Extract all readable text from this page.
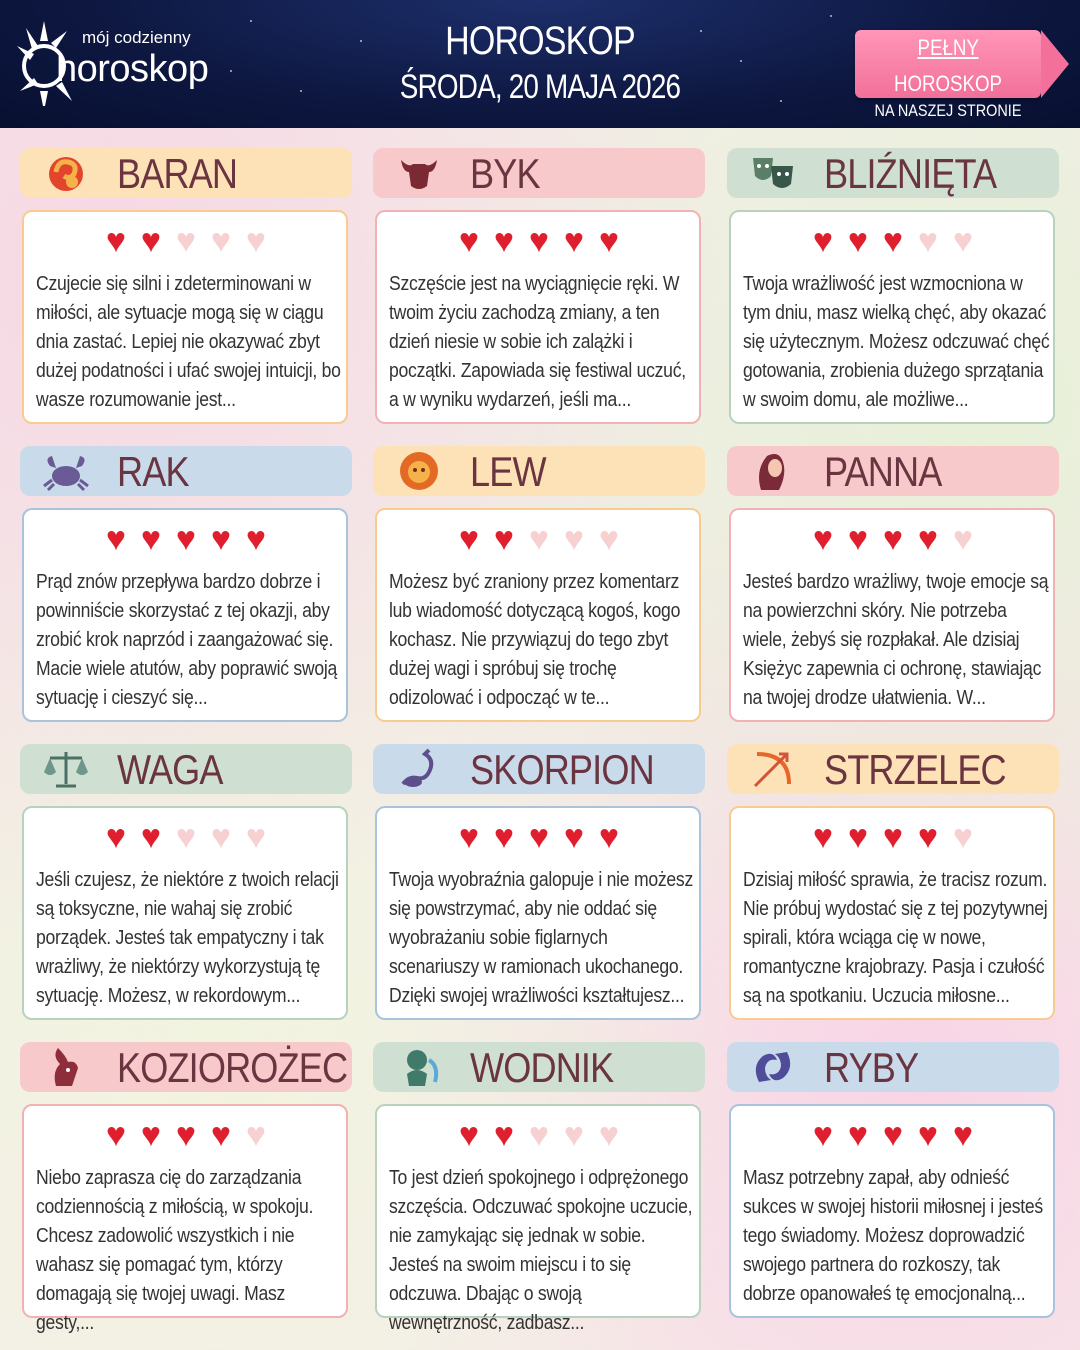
mój codzienny
horoskop
HOROSKOP
ŚRODA, 20 MAJA 2026
PEŁNY HOROSKOP
NA NASZEJ STRONIE
BARAN
♥ ♥ ♥ ♥ ♥
Czujecie się silni i zdeterminowani w miłości, ale sytuacje mogą się w ciągu dnia zastać. Lepiej nie okazywać zbyt dużej podatności i ufać swojej intuicji, bo wasze rozumowanie jest...
BYK
♥ ♥ ♥ ♥ ♥
Szczęście jest na wyciągnięcie ręki. W twoim życiu zachodzą zmiany, a ten dzień niesie w sobie ich zalążki i początki. Zapowiada się festiwal uczuć, a w wyniku wydarzeń, jeśli ma...
BLIŹNIĘTA
♥ ♥ ♥ ♥ ♥
Twoja wrażliwość jest wzmocniona w tym dniu, masz wielką chęć, aby okazać się użytecznym. Możesz odczuwać chęć gotowania, zrobienia dużego sprzątania w swoim domu, ale możliwe...
RAK
♥ ♥ ♥ ♥ ♥
Prąd znów przepływa bardzo dobrze i powinniście skorzystać z tej okazji, aby zrobić krok naprzód i zaangażować się. Macie wiele atutów, aby poprawić swoją sytuację i cieszyć się...
LEW
♥ ♥ ♥ ♥ ♥
Możesz być zraniony przez komentarz lub wiadomość dotyczącą kogoś, kogo kochasz. Nie przywiązuj do tego zbyt dużej wagi i spróbuj się trochę odizolować i odpocząć w te...
PANNA
♥ ♥ ♥ ♥ ♥
Jesteś bardzo wrażliwy, twoje emocje są na powierzchni skóry. Nie potrzeba wiele, żebyś się rozpłakał. Ale dzisiaj Księżyc zapewnia ci ochronę, stawiając na twojej drodze ułatwienia. W...
WAGA
♥ ♥ ♥ ♥ ♥
Jeśli czujesz, że niektóre z twoich relacji są toksyczne, nie wahaj się zrobić porządek. Jesteś tak empatyczny i tak wrażliwy, że niektórzy wykorzystują tę sytuację. Możesz, w rekordowym...
SKORPION
♥ ♥ ♥ ♥ ♥
Twoja wyobraźnia galopuje i nie możesz się powstrzymać, aby nie oddać się wyobrażaniu sobie figlarnych scenariuszy w ramionach ukochanego. Dzięki swojej wrażliwości kształtujesz...
STRZELEC
♥ ♥ ♥ ♥ ♥
Dzisiaj miłość sprawia, że tracisz rozum. Nie próbuj wydostać się z tej pozytywnej spirali, która wciąga cię w nowe, romantyczne krajobrazy. Pasja i czułość są na spotkaniu. Uczucia miłosne...
KOZIOROŻEC
♥ ♥ ♥ ♥ ♥
Niebo zaprasza cię do zarządzania codziennością z miłością, w spokoju. Chcesz zadowolić wszystkich i nie wahasz się pomagać tym, którzy domagają się twojej uwagi. Masz gesty,...
WODNIK
♥ ♥ ♥ ♥ ♥
To jest dzień spokojnego i odprężonego szczęścia. Odczuwać spokojne uczucie, nie zamykając się jednak w sobie. Jesteś na swoim miejscu i to się odczuwa. Dbając o swoją wewnętrzność, zadbasz...
RYBY
♥ ♥ ♥ ♥ ♥
Masz potrzebny zapał, aby odnieść sukces w swojej historii miłosnej i jesteś tego świadomy. Możesz doprowadzić swojego partnera do rozkoszy, tak dobrze opanowałeś tę emocjonalną...
